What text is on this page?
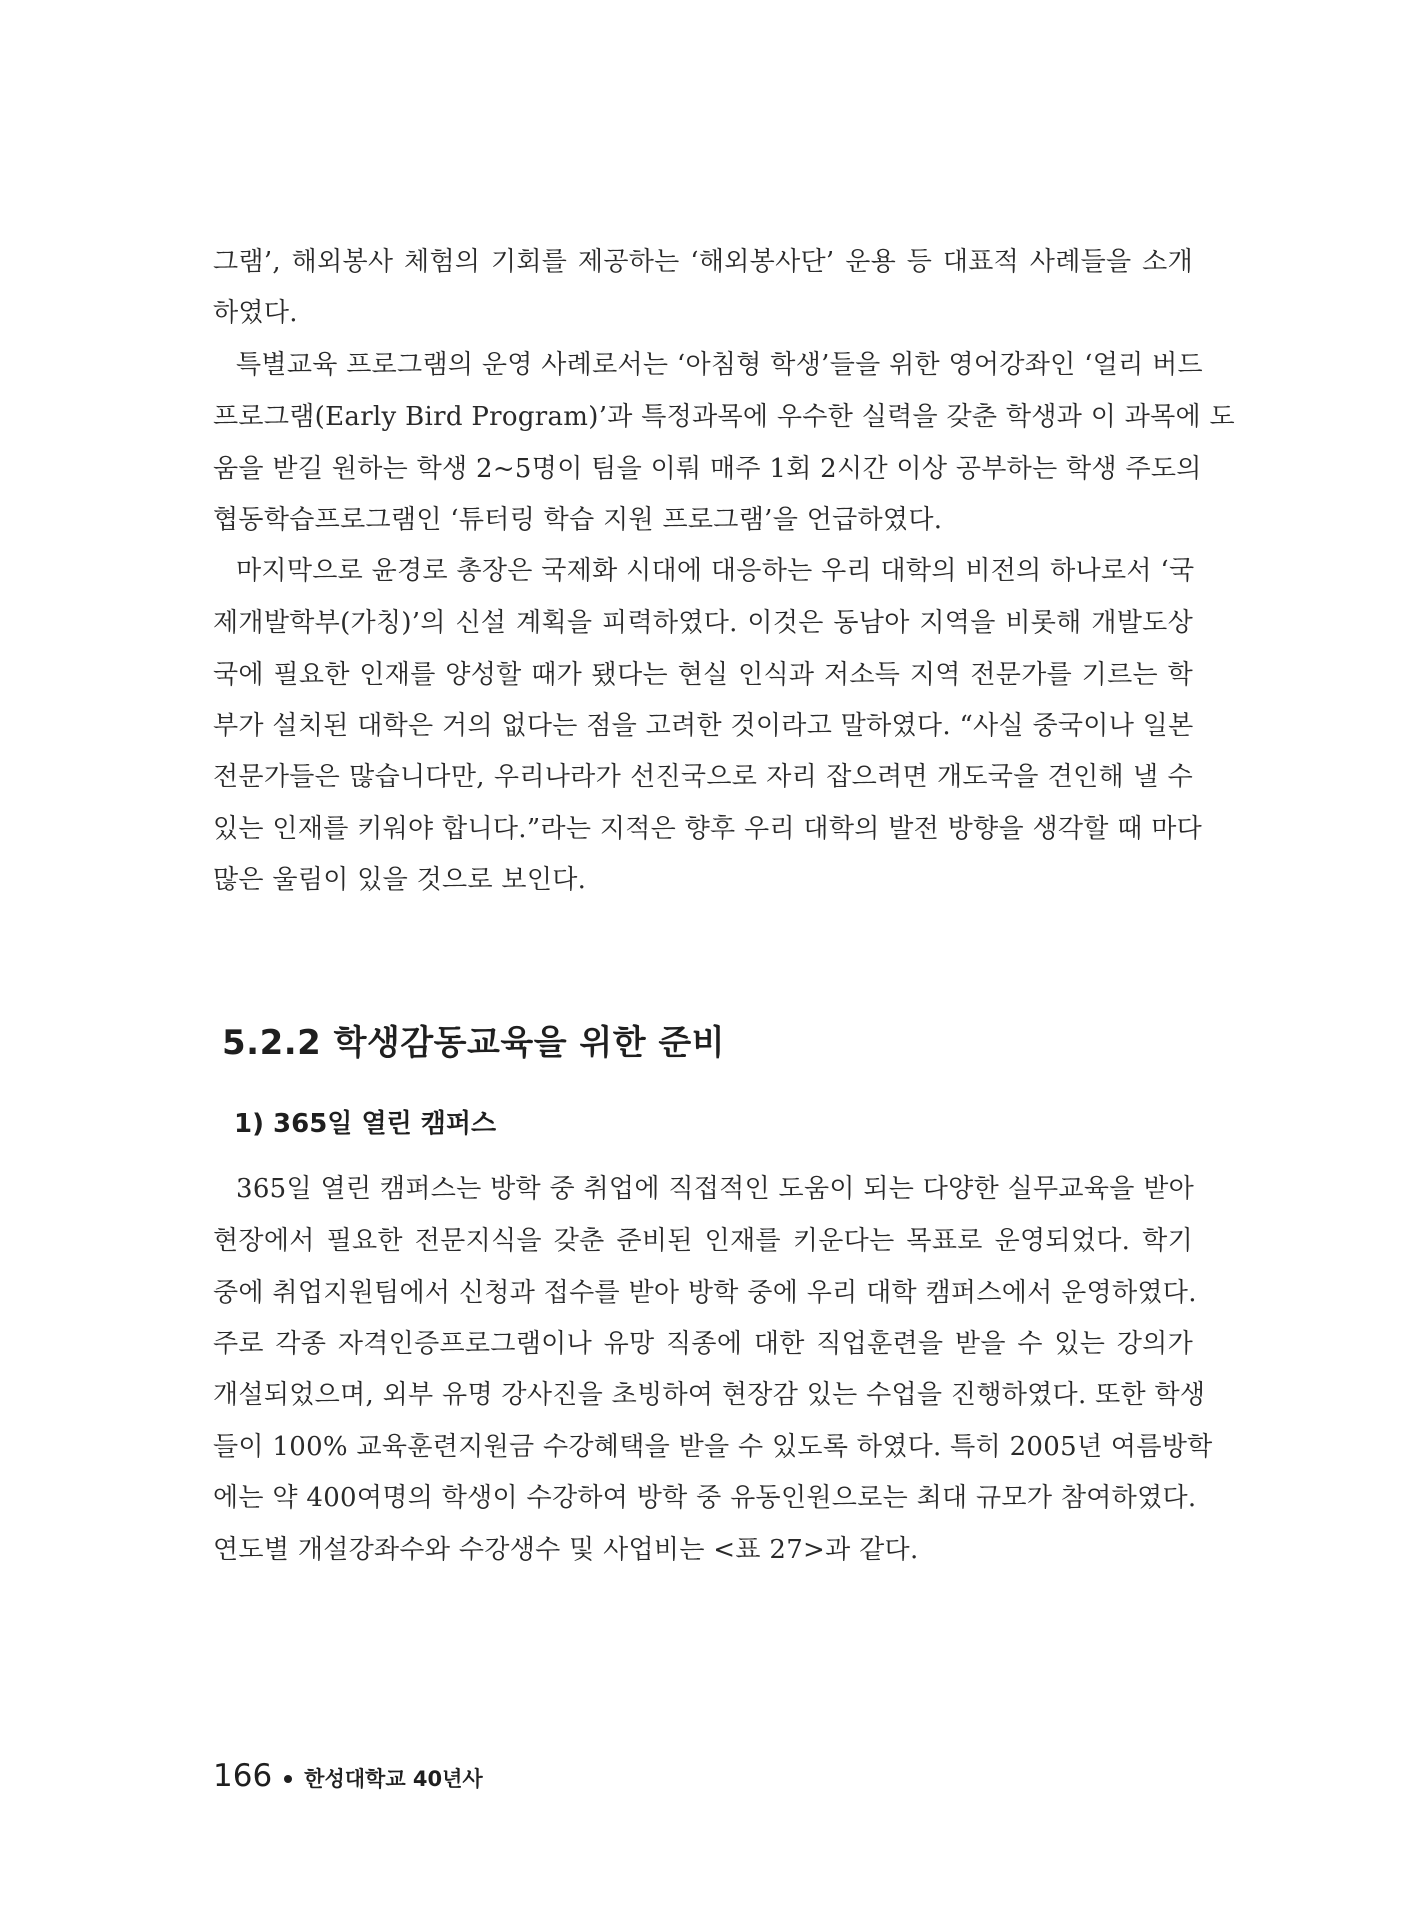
그램’, 해외봉사 체험의 기회를 제공하는 ‘해외봉사단’ 운용 등 대표적 사례들을 소개
하였다.
특별교육 프로그램의 운영 사례로서는 ‘아침형 학생’들을 위한 영어강좌인 ‘얼리 버드
프로그램(Early Bird Program)’과 특정과목에 우수한 실력을 갖춘 학생과 이 과목에 도
움을 받길 원하는 학생 2~5명이 팀을 이뤄 매주 1회 2시간 이상 공부하는 학생 주도의
협동학습프로그램인 ‘튜터링 학습 지원 프로그램’을 언급하였다.
마지막으로 윤경로 총장은 국제화 시대에 대응하는 우리 대학의 비전의 하나로서 ‘국
제개발학부(가칭)’의 신설 계획을 피력하였다. 이것은 동남아 지역을 비롯해 개발도상
국에 필요한 인재를 양성할 때가 됐다는 현실 인식과 저소득 지역 전문가를 기르는 학
부가 설치된 대학은 거의 없다는 점을 고려한 것이라고 말하였다. “사실 중국이나 일본
전문가들은 많습니다만, 우리나라가 선진국으로 자리 잡으려면 개도국을 견인해 낼 수
있는 인재를 키워야 합니다.”라는 지적은 향후 우리 대학의 발전 방향을 생각할 때 마다
많은 울림이 있을 것으로 보인다.
5.2.2 학생감동교육을 위한 준비
1) 365일 열린 캠퍼스
365일 열린 캠퍼스는 방학 중 취업에 직접적인 도움이 되는 다양한 실무교육을 받아
현장에서 필요한 전문지식을 갖춘 준비된 인재를 키운다는 목표로 운영되었다. 학기
중에 취업지원팀에서 신청과 접수를 받아 방학 중에 우리 대학 캠퍼스에서 운영하였다.
주로 각종 자격인증프로그램이나 유망 직종에 대한 직업훈련을 받을 수 있는 강의가
개설되었으며, 외부 유명 강사진을 초빙하여 현장감 있는 수업을 진행하였다. 또한 학생
들이 100% 교육훈련지원금 수강혜택을 받을 수 있도록 하였다. 특히 2005년 여름방학
에는 약 400여명의 학생이 수강하여 방학 중 유동인원으로는 최대 규모가 참여하였다.
연도별 개설강좌수와 수강생수 및 사업비는 <표 27>과 같다.
166 한성대학교 40년사
